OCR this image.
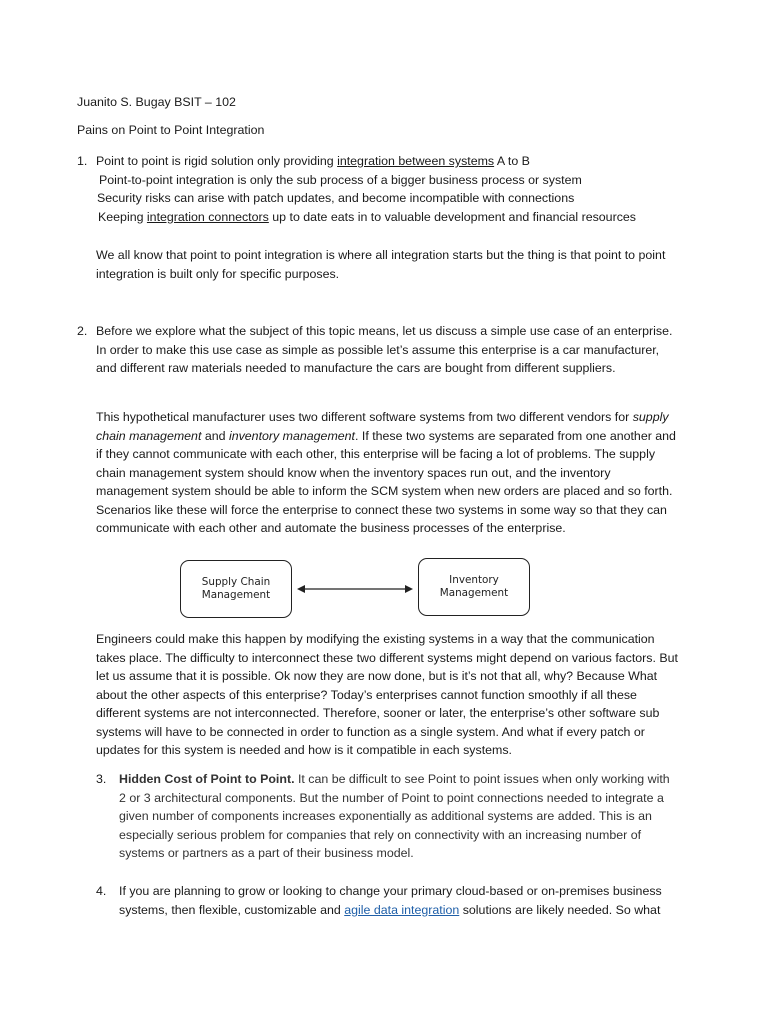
Juanito S. Bugay BSIT – 102
Pains on Point to Point Integration
1. Point to point is rigid solution only providing integration between systems A to B
Point-to-point integration is only the sub process of a bigger business process or system
Security risks can arise with patch updates, and become incompatible with connections
Keeping integration connectors up to date eats in to valuable development and financial resources
We all know that point to point integration is where all integration starts but the thing is that point to point integration is built only for specific purposes.
2. Before we explore what the subject of this topic means, let us discuss a simple use case of an enterprise. In order to make this use case as simple as possible let’s assume this enterprise is a car manufacturer, and different raw materials needed to manufacture the cars are bought from different suppliers.
This hypothetical manufacturer uses two different software systems from two different vendors for supply chain management and inventory management. If these two systems are separated from one another and if they cannot communicate with each other, this enterprise will be facing a lot of problems. The supply chain management system should know when the inventory spaces run out, and the inventory management system should be able to inform the SCM system when new orders are placed and so forth. Scenarios like these will force the enterprise to connect these two systems in some way so that they can communicate with each other and automate the business processes of the enterprise.
Supply Chain
Management
Inventory
Management
Engineers could make this happen by modifying the existing systems in a way that the communication takes place. The difficulty to interconnect these two different systems might depend on various factors. But let us assume that it is possible. Ok now they are now done, but is it’s not that all, why? Because What about the other aspects of this enterprise? Today’s enterprises cannot function smoothly if all these different systems are not interconnected. Therefore, sooner or later, the enterprise’s other software sub systems will have to be connected in order to function as a single system. And what if every patch or updates for this system is needed and how is it compatible in each systems.
3.	Hidden Cost of Point to Point. It can be difficult to see Point to point issues when only working with 2 or 3 architectural components. But the number of Point to point connections needed to integrate a given number of components increases exponentially as additional systems are added. This is an especially serious problem for companies that rely on connectivity with an increasing number of systems or partners as a part of their business model.
4.	If you are planning to grow or looking to change your primary cloud-based or on-premises business systems, then flexible, customizable and agile data integration solutions are likely needed. So what
